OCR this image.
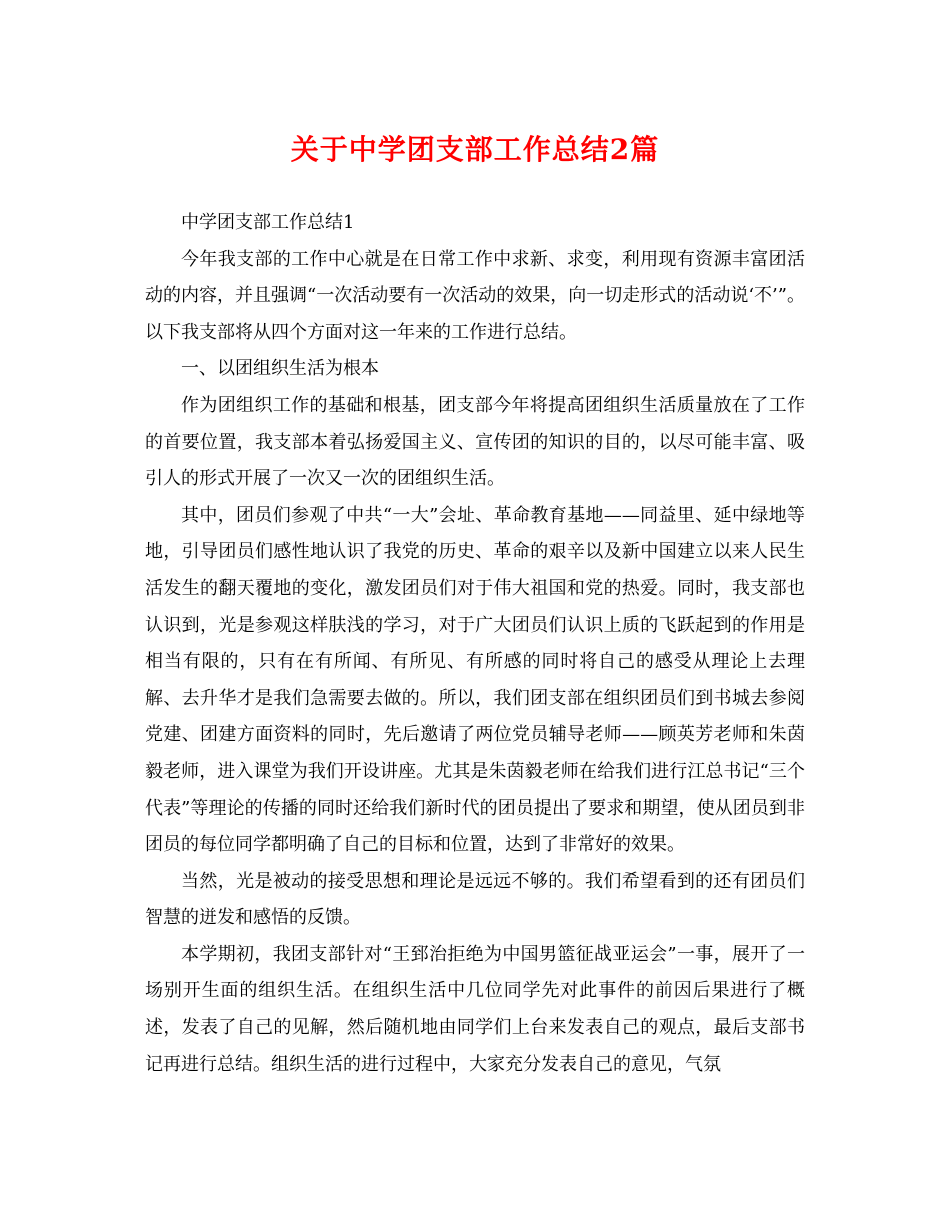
关于中学团支部工作总结2篇

中学团支部工作总结1

今年我支部的工作中心就是在日常工作中求新、求变，利用现有资源丰富团活动的内容，并且强调“一次活动要有一次活动的效果，向一切走形式的活动说‘不’”。以下我支部将从四个方面对这一年来的工作进行总结。

一、以团组织生活为根本

作为团组织工作的基础和根基，团支部今年将提高团组织生活质量放在了工作的首要位置，我支部本着弘扬爱国主义、宣传团的知识的目的，以尽可能丰富、吸引人的形式开展了一次又一次的团组织生活。

其中，团员们参观了中共“一大”会址、革命教育基地——同益里、延中绿地等地，引导团员们感性地认识了我党的历史、革命的艰辛以及新中国建立以来人民生活发生的翻天覆地的变化，激发团员们对于伟大祖国和党的热爱。同时，我支部也认识到，光是参观这样肤浅的学习，对于广大团员们认识上质的飞跃起到的作用是相当有限的，只有在有所闻、有所见、有所感的同时将自己的感受从理论上去理解、去升华才是我们急需要去做的。所以，我们团支部在组织团员们到书城去参阅党建、团建方面资料的同时，先后邀请了两位党员辅导老师——顾英芳老师和朱茵毅老师，进入课堂为我们开设讲座。尤其是朱茵毅老师在给我们进行江总书记“三个代表”等理论的传播的同时还给我们新时代的团员提出了要求和期望，使从团员到非团员的每位同学都明确了自己的目标和位置，达到了非常好的效果。

当然，光是被动的接受思想和理论是远远不够的。我们希望看到的还有团员们智慧的迸发和感悟的反馈。

本学期初，我团支部针对“王郅治拒绝为中国男篮征战亚运会”一事，展开了一场别开生面的组织生活。在组织生活中几位同学先对此事件的前因后果进行了概述，发表了自己的见解，然后随机地由同学们上台来发表自己的观点，最后支部书记再进行总结。组织生活的进行过程中，大家充分发表自己的意见，气氛
